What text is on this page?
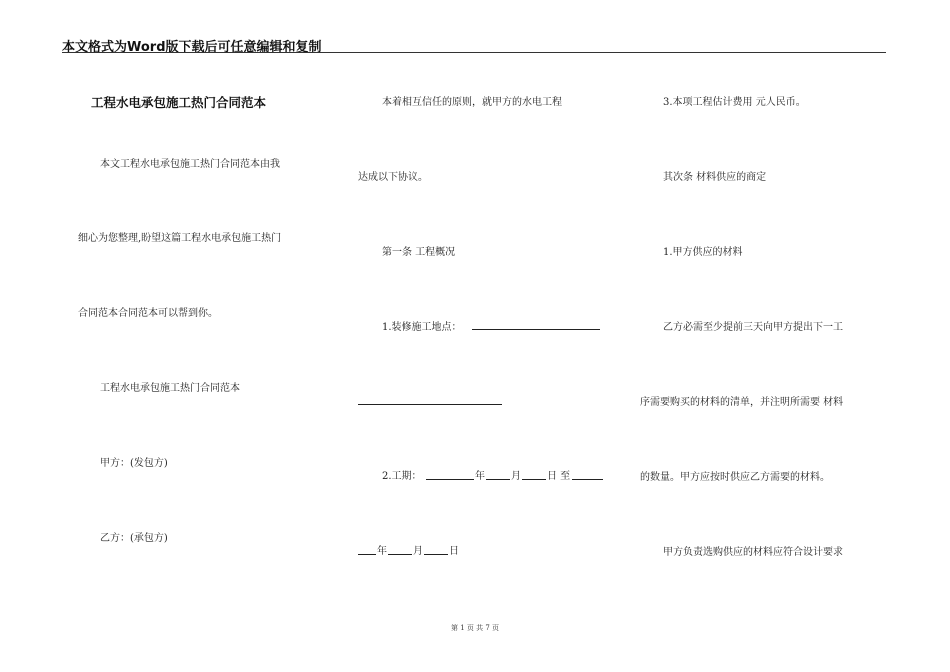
本文格式为Word版下载后可任意编辑和复制
工程水电承包施工热门合同范本
本文工程水电承包施工热门合同范本由我
细心为您整理,盼望这篇工程水电承包施工热门
合同范本合同范本可以帮到你。
工程水电承包施工热门合同范本
甲方：(发包方)
乙方：(承包方)
本着相互信任的原则，就甲方的水电工程
达成以下协议。
第一条 工程概况
1.装修施工地点：
2.工期：	年	月	日 至
年	月	日
3.本项工程估计费用 元人民币。
其次条 材料供应的商定
1.甲方供应的材料
乙方必需至少提前三天向甲方提出下一工
序需要购买的材料的清单，并注明所需要 材料
的数量。甲方应按时供应乙方需要的材料。
甲方负责选购供应的材料应符合设计要求
第 1 页 共 7 页
